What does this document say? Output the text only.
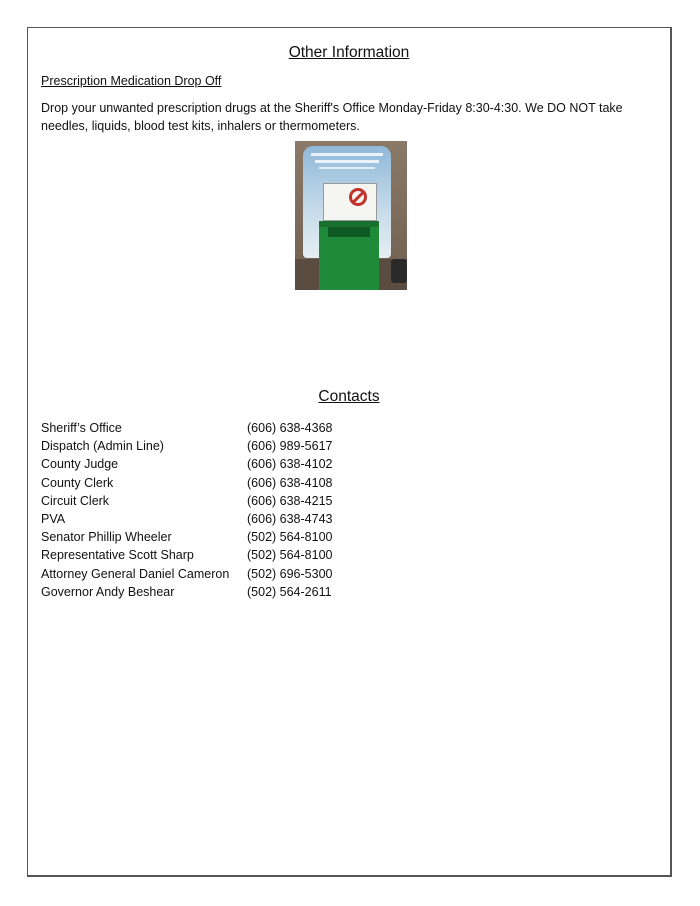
Other Information
Prescription Medication Drop Off
Drop your unwanted prescription drugs at the Sheriff's Office Monday-Friday 8:30-4:30. We DO NOT take needles, liquids, blood test kits, inhalers or thermometers.
Contacts
Sheriff’s Office	(606) 638-4368
Dispatch (Admin Line)	(606) 989-5617
County Judge	(606) 638-4102
County Clerk	(606) 638-4108
Circuit Clerk	(606) 638-4215
PVA	(606) 638-4743
Senator Phillip Wheeler	(502) 564-8100
Representative Scott Sharp	(502) 564-8100
Attorney General Daniel Cameron	(502) 696-5300
Governor Andy Beshear	(502) 564-2611
